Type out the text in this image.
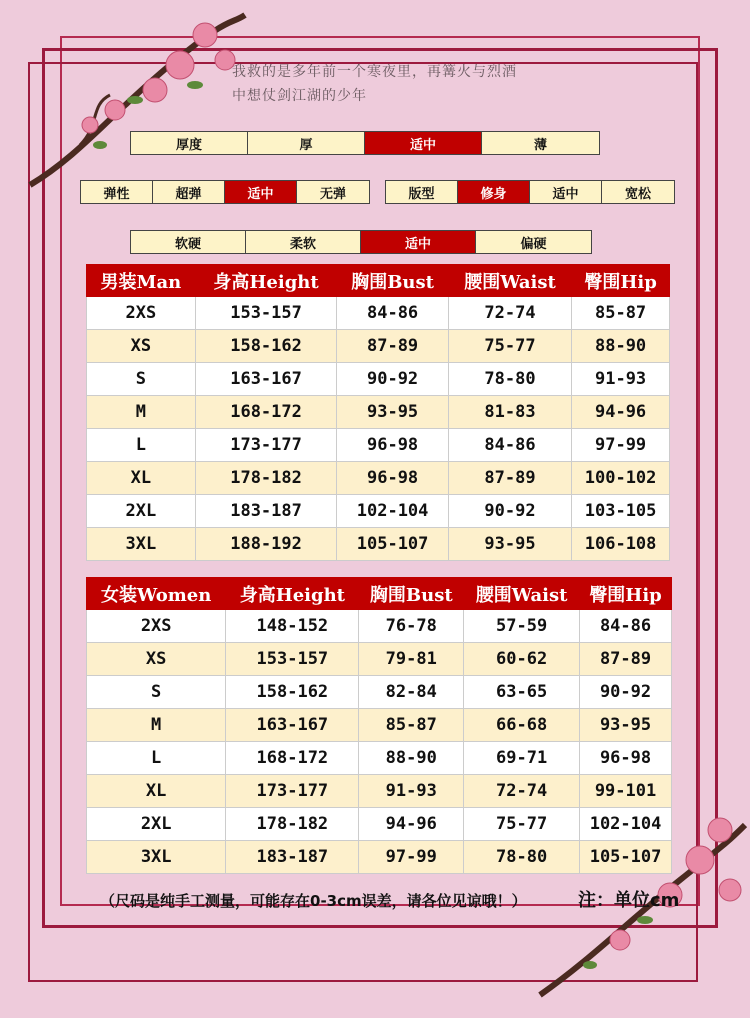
我救的是多年前一个寒夜里，再篝火与烈酒
中想仗剑江湖的少年
厚度	厚	适中	薄
弹性	超弹	适中	无弹	版型	修身	适中	宽松
软硬	柔软	适中	偏硬
男装Man	身高Height	胸围Bust	腰围Waist	臀围Hip
2XS	153-157	84-86	72-74	85-87
XS	158-162	87-89	75-77	88-90
S	163-167	90-92	78-80	91-93
M	168-172	93-95	81-83	94-96
L	173-177	96-98	84-86	97-99
XL	178-182	96-98	87-89	100-102
2XL	183-187	102-104	90-92	103-105
3XL	188-192	105-107	93-95	106-108
女装Women	身高Height	胸围Bust	腰围Waist	臀围Hip
2XS	148-152	76-78	57-59	84-86
XS	153-157	79-81	60-62	87-89
S	158-162	82-84	63-65	90-92
M	163-167	85-87	66-68	93-95
L	168-172	88-90	69-71	96-98
XL	173-177	91-93	72-74	99-101
2XL	178-182	94-96	75-77	102-104
3XL	183-187	97-99	78-80	105-107
（尺码是纯手工测量，可能存在0-3cm误差，请各位见谅哦！）	注：单位cm
